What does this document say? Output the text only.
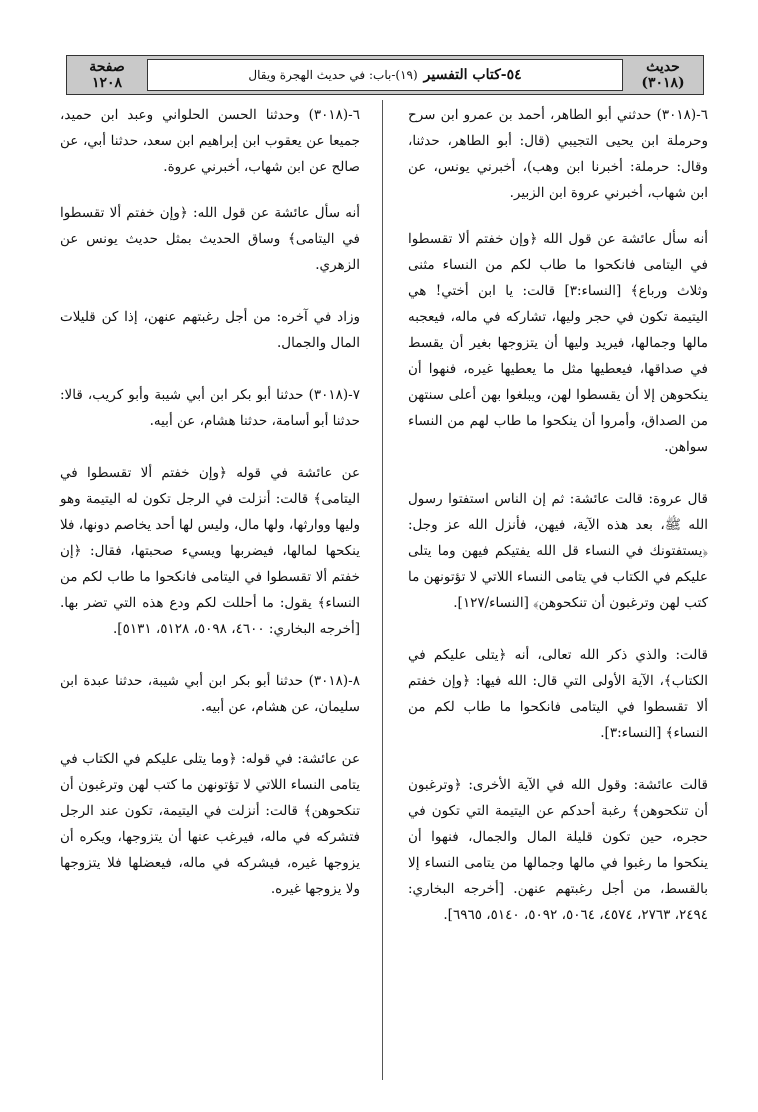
حديث
(٣٠١٨)
٥٤-كتاب التفسير
(١٩)-باب: في حديث الهجرة ويقال
صفحة
١٢٠٨

٦-(٣٠١٨) حدثني أبو الطاهر، أحمد بن عمرو ابن سرح وحرملة ابن يحيى التجيبي (قال: أبو الطاهر، حدثنا، وقال: حرملة: أخبرنا ابن وهب)، أخبرني يونس، عن ابن شهاب، أخبرني عروة ابن الزبير.

أنه سأل عائشة عن قول الله ﴿وإن خفتم ألا تقسطوا في اليتامى فانكحوا ما طاب لكم من النساء مثنى وثلاث ورباع﴾ [النساء:٣] قالت: يا ابن أختي! هي اليتيمة تكون في حجر وليها، تشاركه في ماله، فيعجبه مالها وجمالها، فيريد وليها أن يتزوجها بغير أن يقسط في صداقها، فيعطيها مثل ما يعطيها غيره، فنهوا أن ينكحوهن إلا أن يقسطوا لهن، ويبلغوا بهن أعلى سنتهن من الصداق، وأمروا أن ينكحوا ما طاب لهم من النساء سواهن.

قال عروة: قالت عائشة: ثم إن الناس استفتوا رسول الله ﷺ، بعد هذه الآية، فيهن، فأنزل الله عز وجل: ﴿يستفتونك في النساء قل الله يفتيكم فيهن وما يتلى عليكم في الكتاب في يتامى النساء اللاتي لا تؤتونهن ما كتب لهن وترغبون أن تنكحوهن﴾ [النساء/١٢٧].

قالت: والذي ذكر الله تعالى، أنه ﴿يتلى عليكم في الكتاب﴾، الآية الأولى التي قال: الله فيها: ﴿وإن خفتم ألا تقسطوا في اليتامى فانكحوا ما طاب لكم من النساء﴾ [النساء:٣].

قالت عائشة: وقول الله في الآية الأخرى: ﴿وترغبون أن تنكحوهن﴾ رغبة أحدكم عن اليتيمة التي تكون في حجره، حين تكون قليلة المال والجمال، فنهوا أن ينكحوا ما رغبوا في مالها وجمالها من يتامى النساء إلا بالقسط، من أجل رغبتهم عنهن. [أخرجه البخاري: ٢٤٩٤، ٢٧٦٣، ٤٥٧٤، ٥٠٦٤، ٥٠٩٢، ٥١٤٠، ٦٩٦٥].

٦-(٣٠١٨) وحدثنا الحسن الحلواني وعبد ابن حميد، جميعا عن يعقوب ابن إبراهيم ابن سعد، حدثنا أبي، عن صالح عن ابن شهاب، أخبرني عروة.

أنه سأل عائشة عن قول الله: ﴿وإن خفتم ألا تقسطوا في اليتامى﴾ وساق الحديث بمثل حديث يونس عن الزهري.

وزاد في آخره: من أجل رغبتهم عنهن، إذا كن قليلات المال والجمال.

٧-(٣٠١٨) حدثنا أبو بكر ابن أبي شيبة وأبو كريب، قالا: حدثنا أبو أسامة، حدثنا هشام، عن أبيه.

عن عائشة في قوله ﴿وإن خفتم ألا تقسطوا في اليتامى﴾ قالت: أنزلت في الرجل تكون له اليتيمة وهو وليها ووارثها، ولها مال، وليس لها أحد يخاصم دونها، فلا ينكحها لمالها، فيضربها ويسيء صحبتها، فقال: ﴿إن خفتم ألا تقسطوا في اليتامى فانكحوا ما طاب لكم من النساء﴾ يقول: ما أحللت لكم ودع هذه التي تضر بها. [أخرجه البخاري: ٤٦٠٠، ٥٠٩٨، ٥١٢٨، ٥١٣١].

٨-(٣٠١٨) حدثنا أبو بكر ابن أبي شيبة، حدثنا عبدة ابن سليمان، عن هشام، عن أبيه.

عن عائشة: في قوله: ﴿وما يتلى عليكم في الكتاب في يتامى النساء اللاتي لا تؤتونهن ما كتب لهن وترغبون أن تنكحوهن﴾ قالت: أنزلت في اليتيمة، تكون عند الرجل فتشركه في ماله، فيرغب عنها أن يتزوجها، ويكره أن يزوجها غيره، فيشركه في ماله، فيعضلها فلا يتزوجها ولا يزوجها غيره.
